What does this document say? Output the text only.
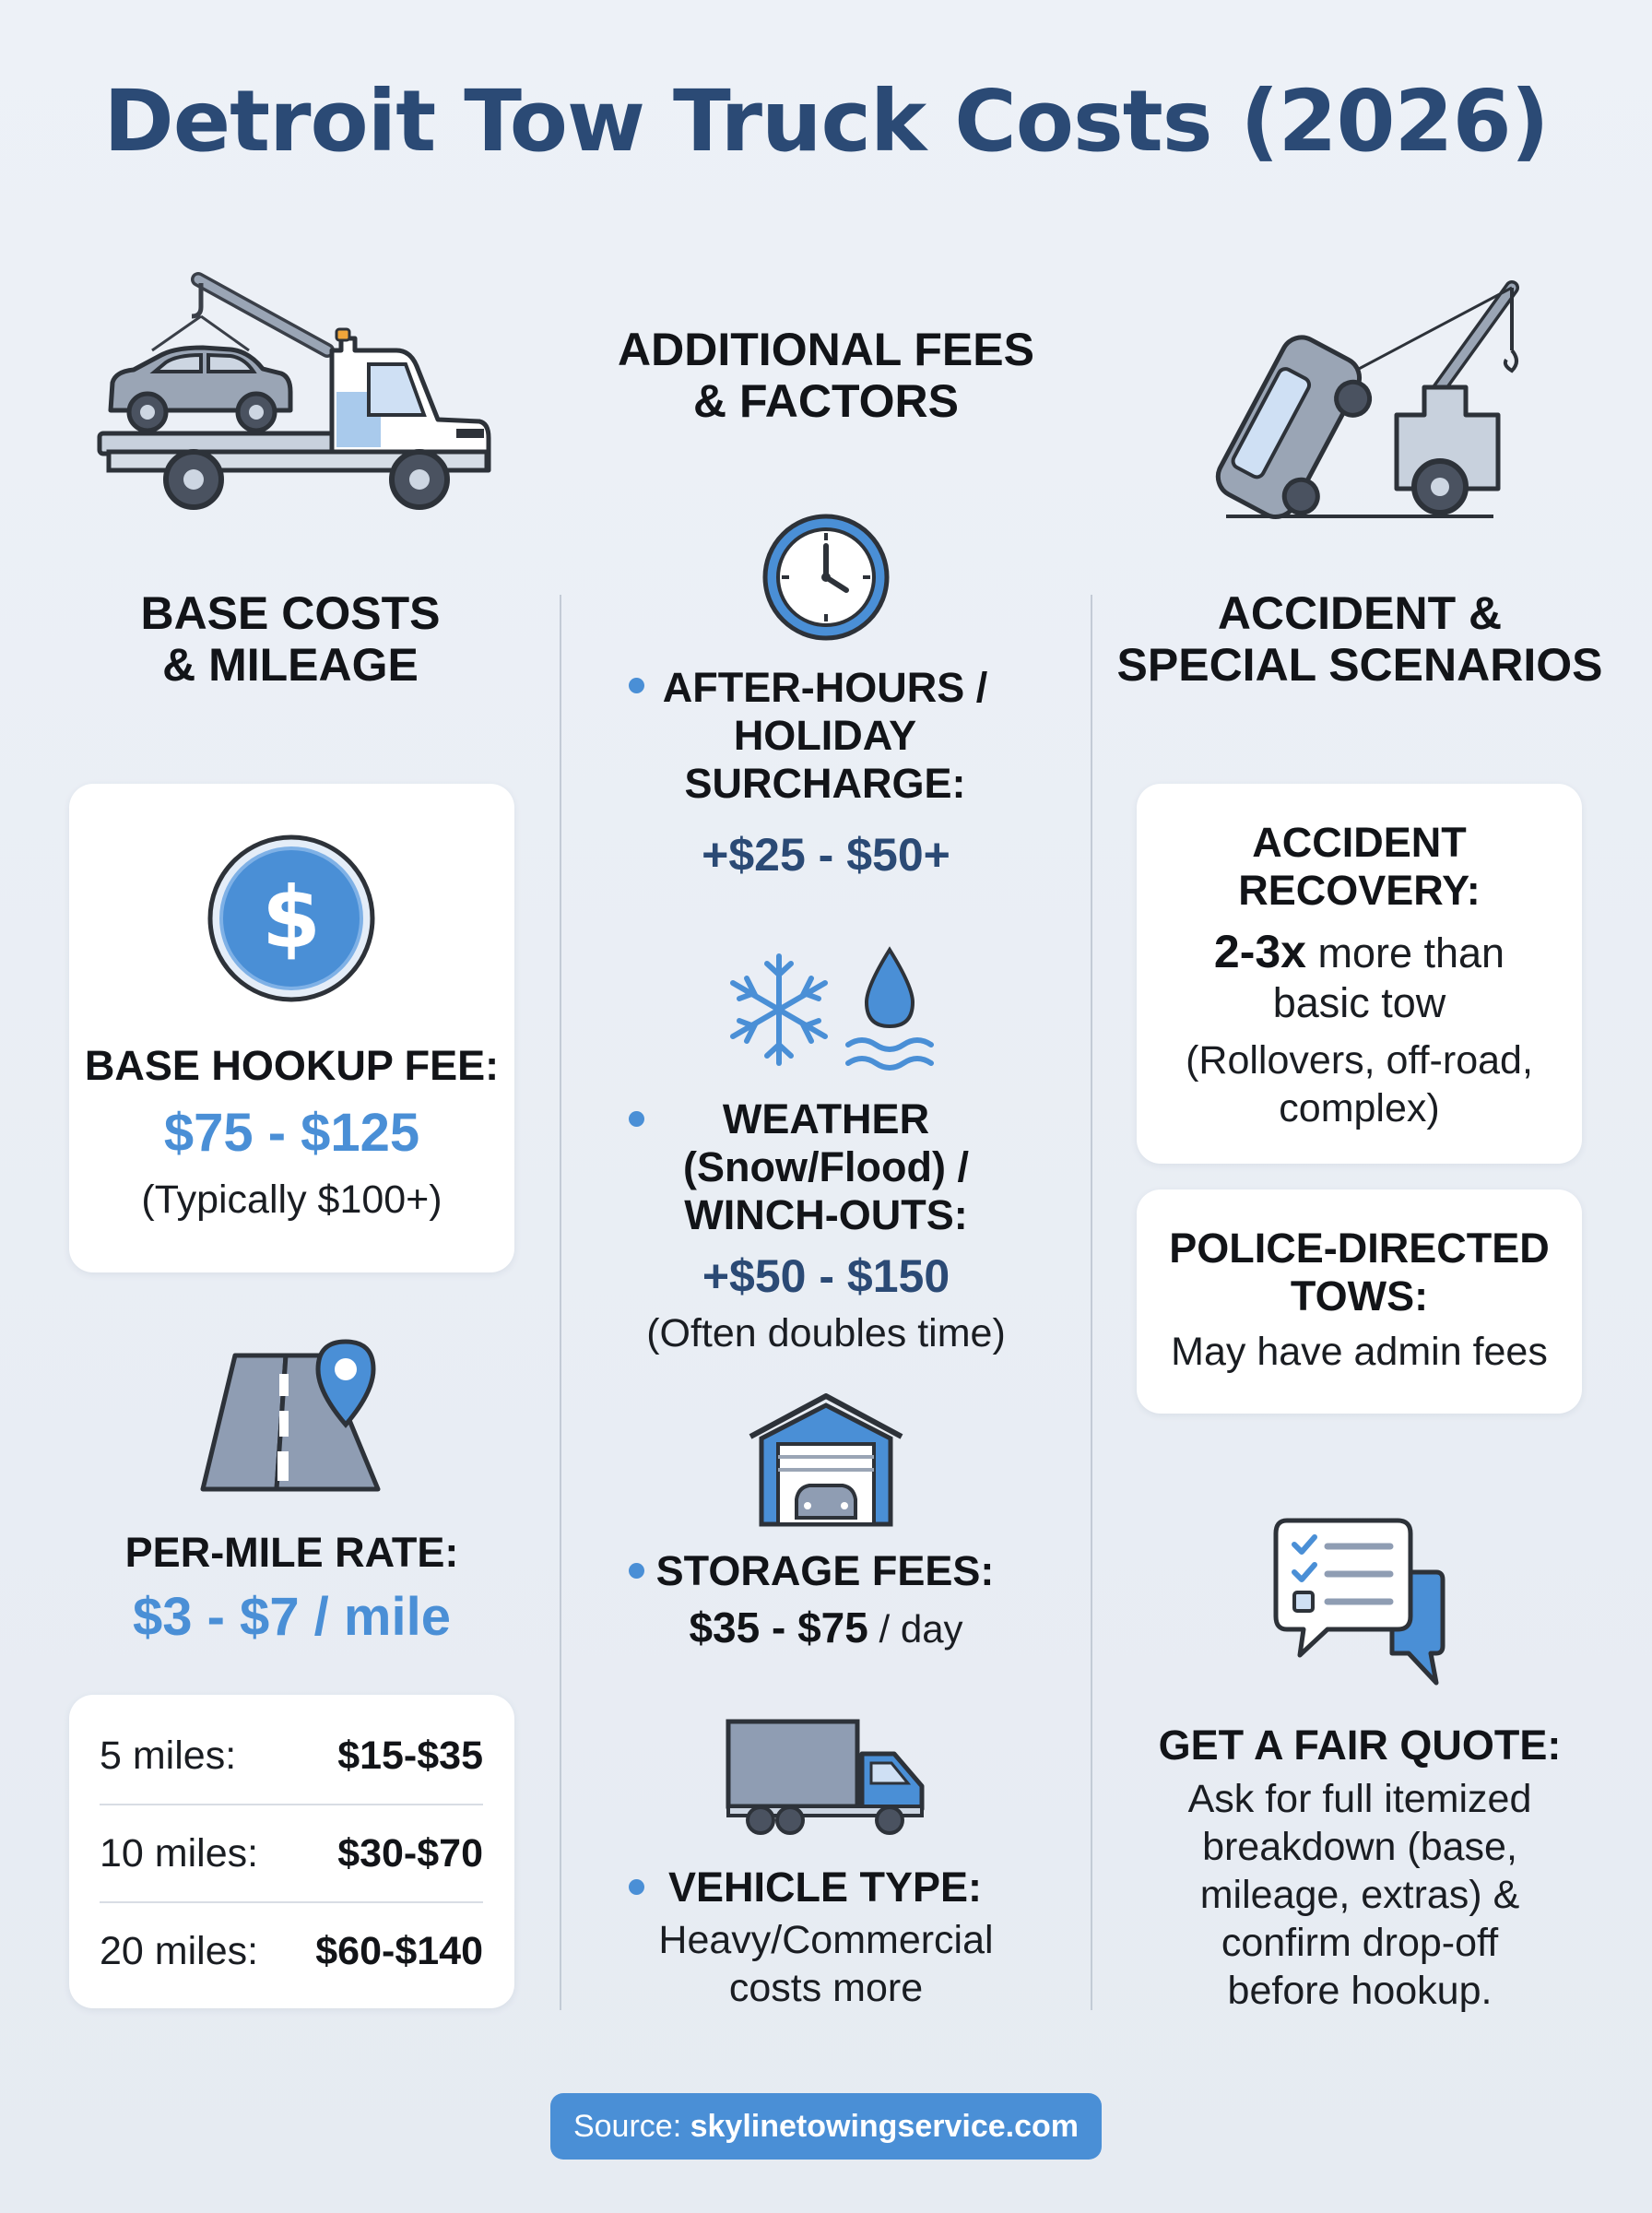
Detroit Tow Truck Costs (2026)
BASE COSTS
& MILEAGE
ADDITIONAL FEES
& FACTORS
ACCIDENT &
SPECIAL SCENARIOS
$
BASE HOOKUP FEE:
$75 - $125
(Typically $100+)
PER-MILE RATE:
$3 - $7 / mile
5 miles:	$15-$35
10 miles: $30-$70
20 miles: $60-$140
AFTER-HOURS /
HOLIDAY
SURCHARGE:
+$25 - $50+
WEATHER
(Snow/Flood) /
WINCH-OUTS:
+$50 - $150
(Often doubles time)
STORAGE FEES:
$35 - $75 / day
VEHICLE TYPE:
Heavy/Commercial
costs more
ACCIDENT
RECOVERY:
2-3x more than
basic tow
(Rollovers, off-road,
complex)
POLICE-DIRECTED
TOWS:
May have admin fees
GET A FAIR QUOTE:
Ask for full itemized
breakdown (base,
mileage, extras) &
confirm drop-off
before hookup.
Source:
skylinetowingservice.com
